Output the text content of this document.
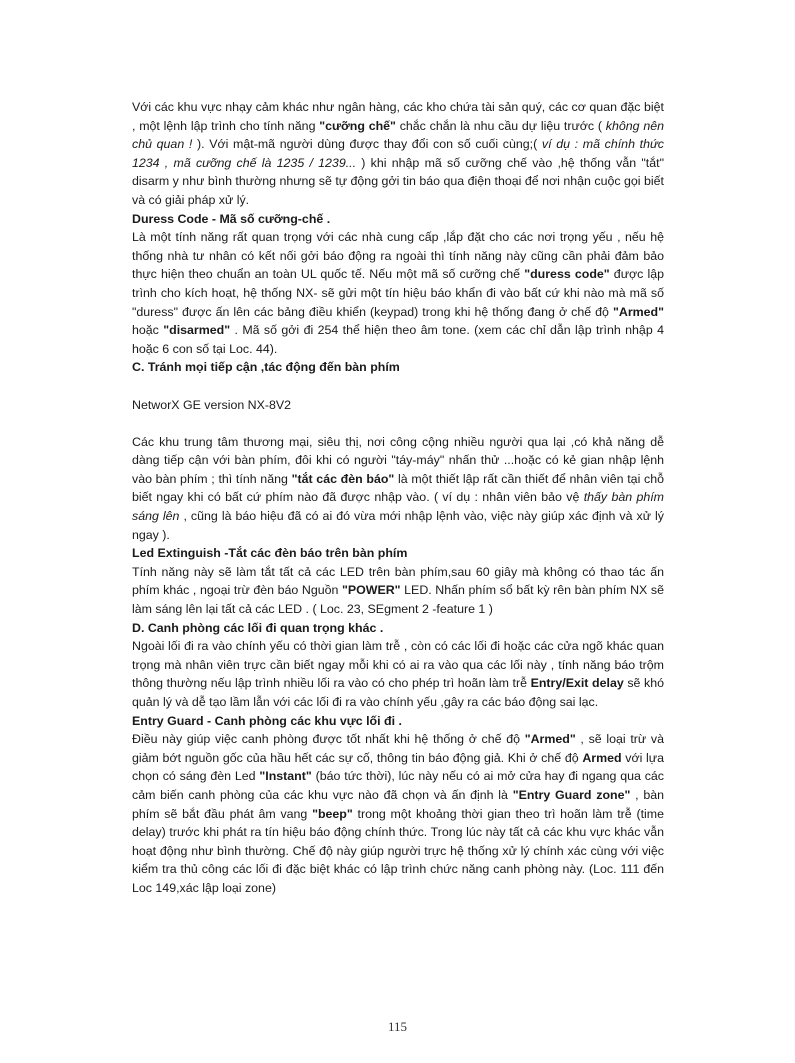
Với các khu vực nhạy cảm khác như ngân hàng, các kho chứa tài sản quý, các cơ quan đặc biệt , một lệnh lập trình cho tính năng "cưỡng chế" chắc chắn là nhu cầu dự liệu trước ( không nên chủ quan ! ). Với mật-mã người dùng được thay đổi con số cuối cùng;( ví dụ : mã chính thức 1234 , mã cưỡng chế là 1235 / 1239... ) khi nhập mã số cưỡng chế vào ,hệ thống vẫn "tắt" disarm y như bình thường nhưng sẽ tự động gởi tin báo qua điện thoại để nơi nhận cuộc gọi biết và có giải pháp xử lý.

Duress Code - Mã số cưỡng-chế .

Là một tính năng rất quan trọng với các nhà cung cấp ,lắp đặt cho các nơi trọng yếu , nếu hệ thống nhà tư nhân có kết nối gởi báo động ra ngoài thì tính năng này cũng cần phải đảm bảo thực hiện theo chuẩn an toàn UL quốc tế. Nếu một mã số cưỡng chế "duress code" được lập trình cho kích hoạt, hệ thống NX- sẽ gửi một tín hiệu báo khẩn đi vào bất cứ khi nào mà mã số "duress" được ấn lên các bảng điều khiển (keypad) trong khi hệ thống đang ở chế độ "Armed" hoặc "disarmed" . Mã số gởi đi 254 thể hiện theo âm tone. (xem các chỉ dẫn lập trình nhập 4 hoặc 6 con số tại Loc. 44).

C. Tránh mọi tiếp cận ,tác động đến bàn phím

NetworX GE version NX-8V2

Các khu trung tâm thương mại, siêu thị, nơi công cộng nhiều người qua lại ,có khả năng dễ dàng tiếp cận với bàn phím, đôi khi có người "táy-máy" nhấn thử ...hoặc có kẻ gian nhập lệnh vào bàn phím ; thì tính năng "tắt các đèn báo" là một thiết lập rất cần thiết để nhân viên tại chỗ biết ngay khi có bất cứ phím nào đã được nhập vào. ( ví dụ : nhân viên bảo vệ thấy bàn phím sáng lên , cũng là báo hiệu đã có ai đó vừa mới nhập lệnh vào, việc này giúp xác định và xử lý ngay ).

Led Extinguish -Tắt các đèn báo trên bàn phím

Tính năng này sẽ làm tắt tất cả các LED trên bàn phím,sau 60 giây mà không có thao tác ấn phím khác , ngoại trừ đèn báo Nguồn "POWER" LED. Nhấn phím sổ bất kỳ rên bàn phím NX sẽ làm sáng lên lại tất cả các LED . ( Loc. 23, SEgment 2 -feature 1 )

D. Canh phòng các lối đi quan trọng khác .

Ngoài lối đi ra vào chính yếu có thời gian làm trễ , còn có các lối đi hoặc các cửa ngõ khác quan trọng mà nhân viên trực cần biết ngay mỗi khi có ai ra vào qua các lối này , tính năng báo trộm thông thường nếu lập trình nhiều lối ra vào có cho phép trì hoãn làm trễ Entry/Exit delay sẽ khó quản lý và dễ tạo lầm lẫn với các lối đi ra vào chính yếu ,gây ra các báo động sai lạc.

Entry Guard - Canh phòng các khu vực lối đi .

Điều này giúp việc canh phòng được tốt nhất khi hệ thống ở chế độ "Armed" , sẽ loại trừ và giảm bớt nguồn gốc của hầu hết các sự cố, thông tin báo động giả. Khi ở chế độ Armed với lựa chọn có sáng đèn Led "Instant" (báo tức thời), lúc này nếu có ai mở cửa hay đi ngang qua các cảm biến canh phòng của các khu vực nào đã chọn và ấn định là "Entry Guard zone" , bàn phím sẽ bắt đầu phát âm vang "beep" trong một khoảng thời gian theo trì hoãn làm trễ (time delay) trước khi phát ra tín hiệu báo động chính thức. Trong lúc này tất cả các khu vực khác vẫn hoạt động như bình thường. Chế độ này giúp người trực hệ thống xử lý chính xác cùng với việc kiểm tra thủ công các lối đi đặc biệt khác có lập trình chức năng canh phòng này. (Loc. 111 đến Loc 149,xác lập loại zone)

115
